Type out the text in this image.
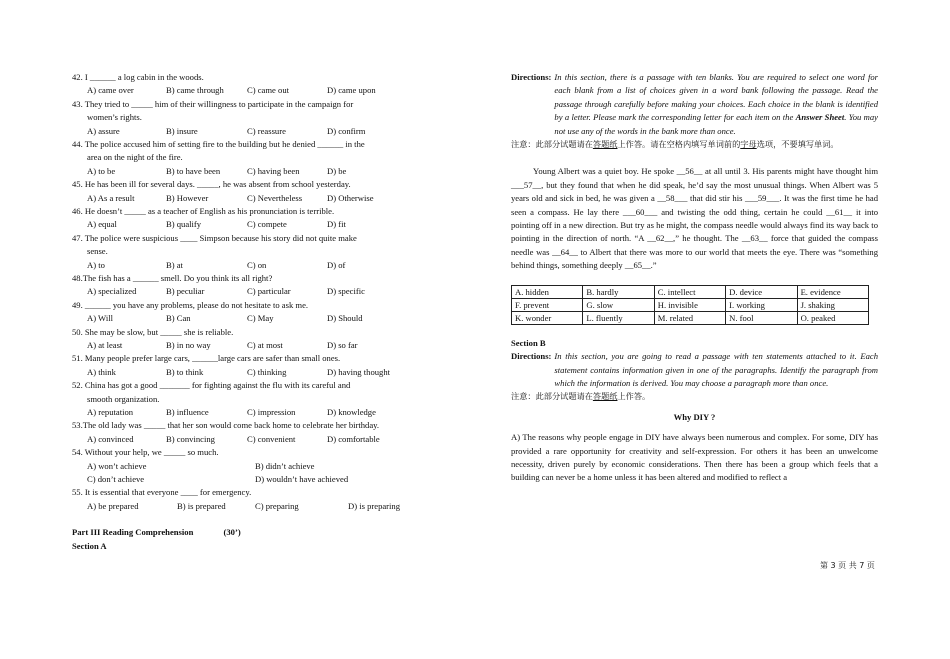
42. I ______ a log cabin in the woods.
A) came over	B) came through	C) came out	D) came upon
43. They tried to _____ him of their willingness to participate in the campaign for
women’s rights.
A) assure	B) insure	C) reassure	D) confirm
44. The police accused him of setting fire to the building but he denied ______ in the
area on the night of the fire.
A) to be	B) to have been	C) having been	D) be
45. He has been ill for several days. _____, he was absent from school yesterday.
A) As a result	B) However	C) Nevertheless	D) Otherwise
46. He doesn’t _____ as a teacher of English as his pronunciation is terrible.
A) equal	B) qualify	C) compete	D) fit
47. The police were suspicious ____ Simpson because his story did not quite make
sense.
A) to	B) at	C) on	D) of
48.The fish has a ______ smell. Do you think its all right?
A) specialized	B) peculiar	C) particular	D) specific
49. ______ you have any problems, please do not hesitate to ask me.
A) Will	B) Can	C) May	D) Should
50. She may be slow, but _____ she is reliable.
A) at least	B) in no way	C) at most	D) so far
51. Many people prefer large cars, ______large cars are safer than small ones.
A) think	B) to think	C) thinking	D) having thought
52. China has got a good _______ for fighting against the flu with its careful and
smooth organization.
A) reputation	B) influence	C) impression	D) knowledge
53.The old lady was _____ that her son would come back home to celebrate her birthday.
A) convinced	B) convincing	C) convenient	D) comfortable
54. Without your help, we _____ so much.
A) won’t achieve	B) didn’t achieve
C) don’t achieve	D) wouldn’t have achieved
55. It is essential that everyone ____ for emergency.
A) be prepared	B) is prepared	C) preparing	D) is preparing
Part III Reading Comprehension	(30’)
Section A
Directions: In this section, there is a passage with ten blanks. You are required to select one word for each blank from a list of choices given in a word bank following the passage. Read the passage through carefully before making your choices. Each choice in the blank is identified by a letter. Please mark the corresponding letter for each item on the Answer Sheet. You may not use any of the words in the bank more than once.
注意：此部分试题请在答题纸上作答。请在空格内填写单词前的字母选项，不要填写单词。
Young Albert was a quiet boy. He spoke __56__ at all until 3. His parents might have thought him ___57__, but they found that when he did speak, he’d say the most unusual things. When Albert was 5 years old and sick in bed, he was given a __58___ that did stir his ___59___. It was the first time he had seen a compass. He lay there ___60___ and twisting the odd thing, certain he could __61__ it into pointing off in a new direction. But try as he might, the compass needle would always find its way back to pointing in the direction of north. “A __62__,” he thought. The __63__ force that guided the compass needle was __64__ to Albert that there was more to our world that meets the eye. There was “something behind things, something deeply __65__.”
A. hidden	B. hardly	C. intellect	D. device	E. evidence
F. prevent	G. slow	H. invisible	I. working	J. shaking
K. wonder	L. fluently	M. related	N. fool	O. peaked
Section B
Directions: In this section, you are going to read a passage with ten statements attached to it. Each statement contains information given in one of the paragraphs. Identify the paragraph from which the information is derived. You may choose a paragraph more than once.
注意：此部分试题请在答题纸上作答。
Why DIY ?
A) The reasons why people engage in DIY have always been numerous and complex. For some, DIY has provided a rare opportunity for creativity and self-expression. For others it has been an unwelcome necessity, driven purely by economic considerations. Then there has been a group which feels that a building can never be a home unless it has been altered and modified to reflect a
第 3 页 共 7 页
